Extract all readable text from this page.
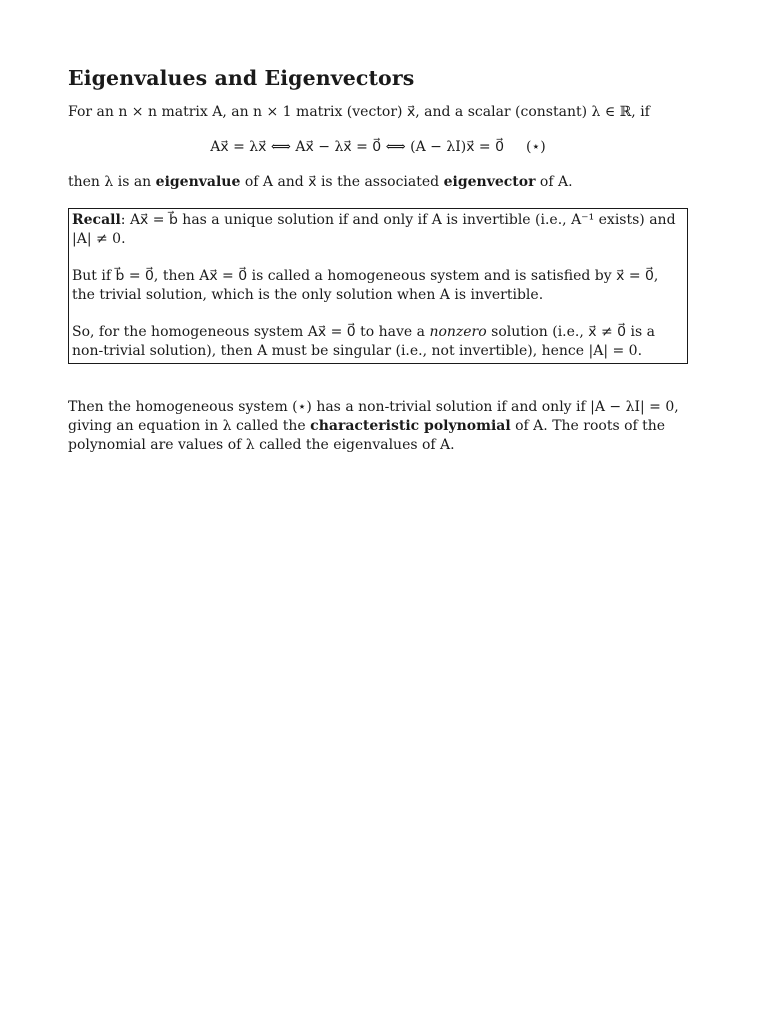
Eigenvalues and Eigenvectors

For an n × n matrix A, an n × 1 matrix (vector) x⃗, and a scalar (constant) λ ∈ ℝ, if

Ax⃗ = λx⃗ ⟺ Ax⃗ − λx⃗ = 0⃗ ⟺ (A − λI)x⃗ = 0⃗ (⋆)

then λ is an eigenvalue of A and x⃗ is the associated eigenvector of A.

Recall: Ax⃗ = b⃗ has a unique solution if and only if A is invertible (i.e., A⁻¹ exists) and |A| ≠ 0.

But if b⃗ = 0⃗, then Ax⃗ = 0⃗ is called a homogeneous system and is satisfied by x⃗ = 0⃗, the trivial solution, which is the only solution when A is invertible.

So, for the homogeneous system Ax⃗ = 0⃗ to have a nonzero solution (i.e., x⃗ ≠ 0⃗ is a non-trivial solution), then A must be singular (i.e., not invertible), hence |A| = 0.

Then the homogeneous system (⋆) has a non-trivial solution if and only if |A − λI| = 0, giving an equation in λ called the characteristic polynomial of A. The roots of the polynomial are values of λ called the eigenvalues of A.
